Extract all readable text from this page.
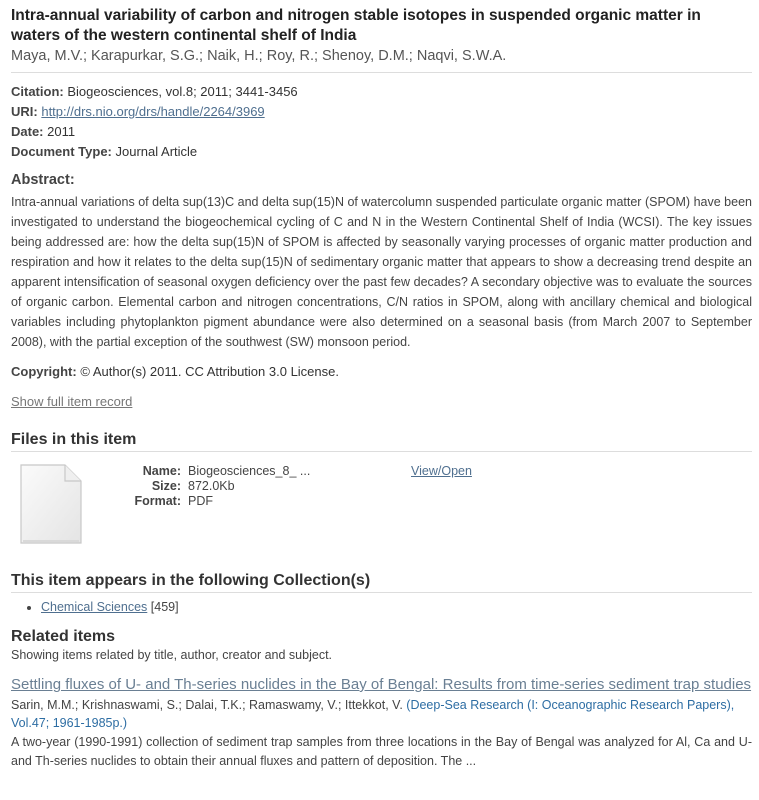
Intra-annual variability of carbon and nitrogen stable isotopes in suspended organic matter in waters of the western continental shelf of India
Maya, M.V.; Karapurkar, S.G.; Naik, H.; Roy, R.; Shenoy, D.M.; Naqvi, S.W.A.
Citation: Biogeosciences, vol.8; 2011; 3441-3456
URI: http://drs.nio.org/drs/handle/2264/3969
Date: 2011
Document Type: Journal Article
Abstract:
Intra-annual variations of delta sup(13)C and delta sup(15)N of watercolumn suspended particulate organic matter (SPOM) have been investigated to understand the biogeochemical cycling of C and N in the Western Continental Shelf of India (WCSI). The key issues being addressed are: how the delta sup(15)N of SPOM is affected by seasonally varying processes of organic matter production and respiration and how it relates to the delta sup(15)N of sedimentary organic matter that appears to show a decreasing trend despite an apparent intensification of seasonal oxygen deficiency over the past few decades? A secondary objective was to evaluate the sources of organic carbon. Elemental carbon and nitrogen concentrations, C/N ratios in SPOM, along with ancillary chemical and biological variables including phytoplankton pigment abundance were also determined on a seasonal basis (from March 2007 to September 2008), with the partial exception of the southwest (SW) monsoon period.
Copyright: © Author(s) 2011. CC Attribution 3.0 License.
Show full item record
Files in this item
Name: Biogeosciences_8_ ...
Size: 872.0Kb
Format: PDF
View/Open
This item appears in the following Collection(s)
• Chemical Sciences [459]
Related items
Showing items related by title, author, creator and subject.
Settling fluxes of U- and Th-series nuclides in the Bay of Bengal: Results from time-series sediment trap studies
Sarin, M.M.; Krishnaswami, S.; Dalai, T.K.; Ramaswamy, V.; Ittekkot, V. (Deep-Sea Research (I: Oceanographic Research Papers), Vol.47; 1961-1985p.)
A two-year (1990-1991) collection of sediment trap samples from three locations in the Bay of Bengal was analyzed for Al, Ca and U- and Th-series nuclides to obtain their annual fluxes and pattern of deposition. The ...
